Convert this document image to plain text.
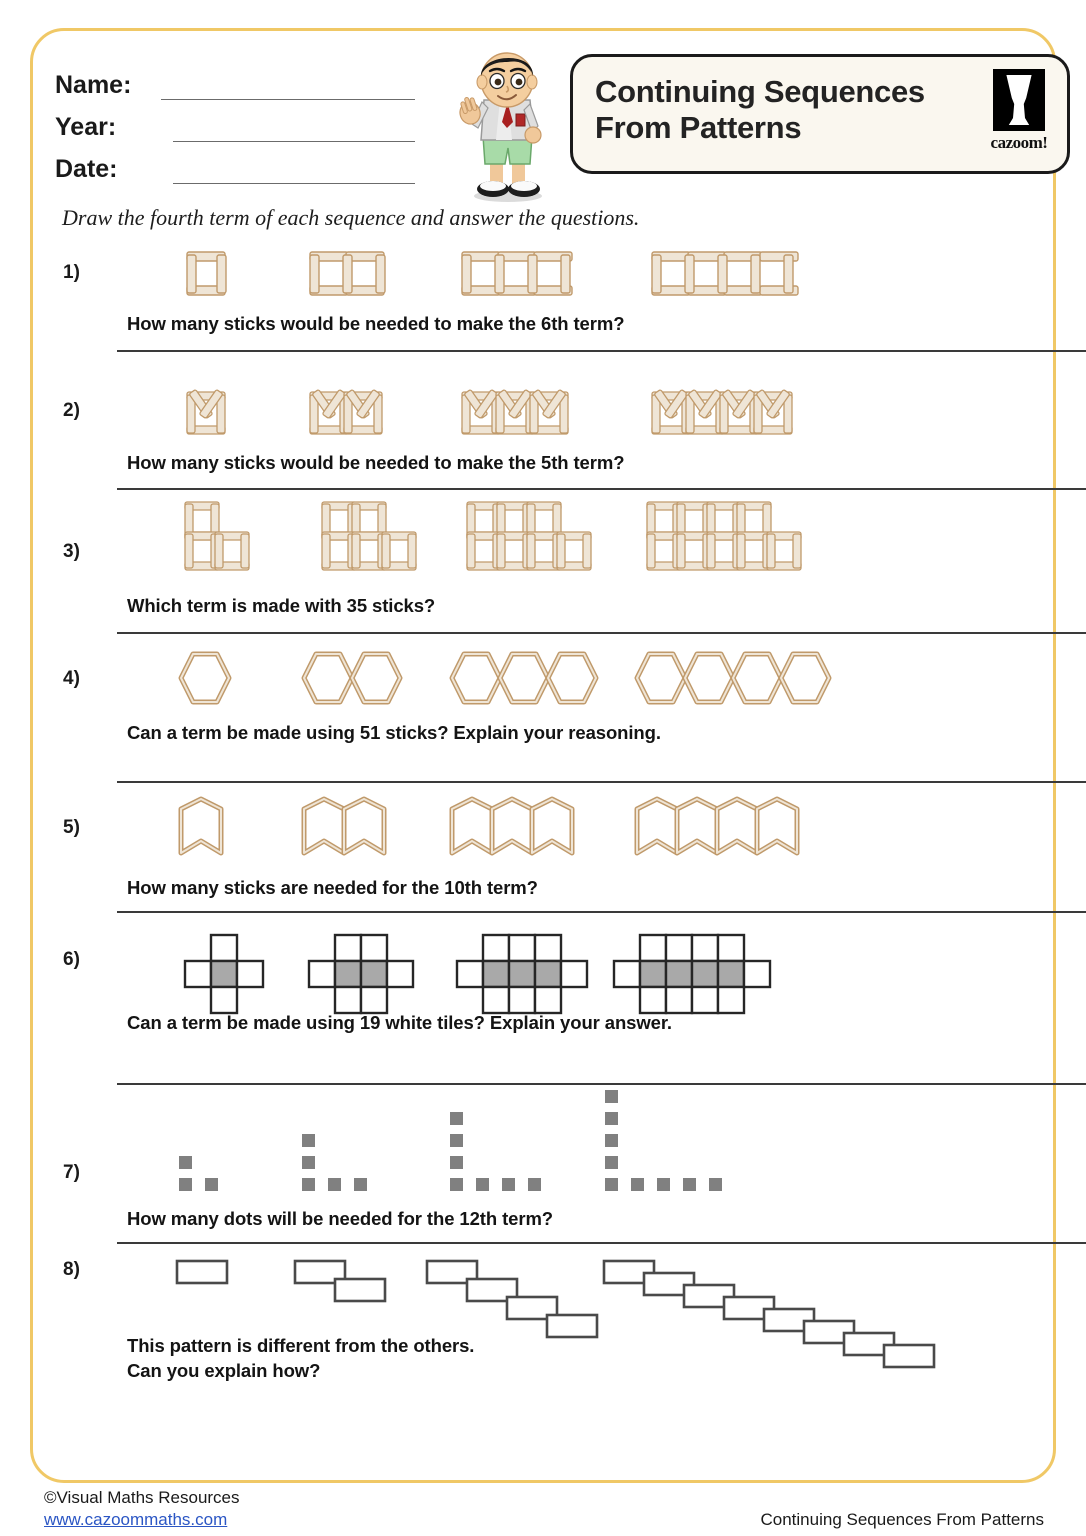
Name:
Year:
Date:
Continuing Sequences
From Patterns	cazoom!
Draw the fourth term of each sequence and answer the questions.
1)
How many sticks would be needed to make the 6th term?
2)
How many sticks would be needed to make the 5th term?
3)
Which term is made with 35 sticks?
4)
Can a term be made using 51 sticks? Explain your reasoning.
5)
How many sticks are needed for the 10th term?
6)
Can a term be made using 19 white tiles? Explain your answer.
7)
How many dots will be needed for the 12th term?
8)
This pattern is different from the others.
Can you explain how?
©Visual Maths Resources
www.cazoommaths.com	Continuing Sequences From Patterns
